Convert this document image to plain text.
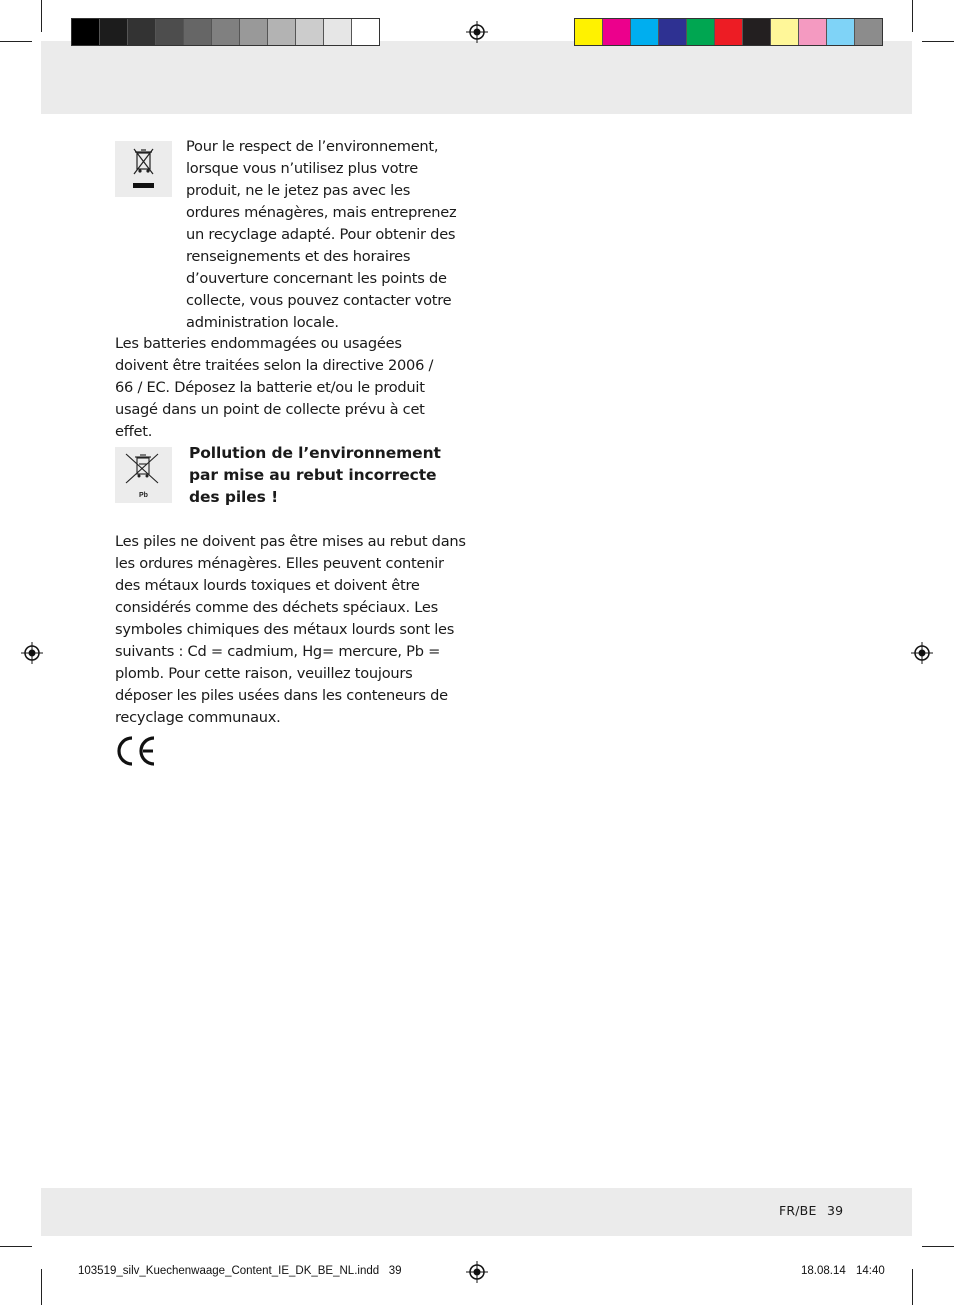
Pour le respect de l’environnement, lorsque vous n’utilisez plus votre produit, ne le jetez pas avec les ordures ménagères, mais entreprenez un recyclage adapté. Pour obtenir des renseignements et des horaires d’ouverture concernant les points de collecte, vous pouvez contacter votre administration locale.

Les batteries endommagées ou usagées doivent être traitées selon la directive 2006 / 66 / EC. Déposez la batterie et/ou le produit usagé dans un point de collecte prévu à cet effet.

Pb

Pollution de l’environnement par mise au rebut incorrecte des piles !

Les piles ne doivent pas être mises au rebut dans les ordures ménagères. Elles peuvent contenir des métaux lourds toxiques et doivent être considérés comme des déchets spéciaux. Les symboles chimiques des métaux lourds sont les suivants : Cd = cadmium, Hg= mercure, Pb = plomb. Pour cette raison, veuillez toujours déposer les piles usées dans les conteneurs de recyclage communaux.

FR/BE 39
103519_silv_Kuechenwaage_Content_IE_DK_BE_NL.indd   39	18.08.14 14:40
